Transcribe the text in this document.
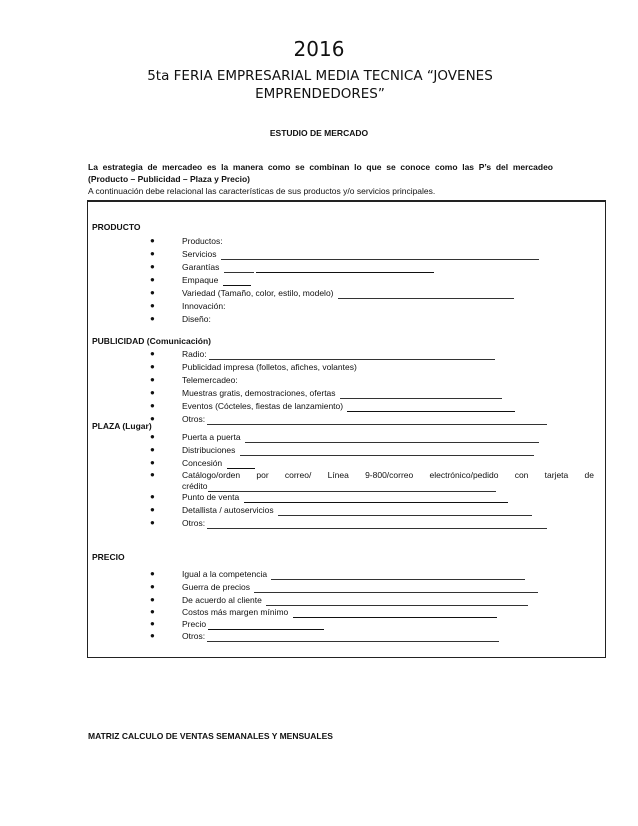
2016
5ta FERIA EMPRESARIAL MEDIA TECNICA “JOVENES EMPRENDEDORES”
ESTUDIO DE MERCADO
La estrategia de mercadeo es la manera como se combinan lo que se conoce como las P’s del mercadeo
(Producto – Publicidad – Plaza y Precio)
A continuación debe relacional las características de sus productos y/o servicios principales.
PRODUCTO
●	Productos:
●	Servicios
●	Garantías
●	Empaque
●	Variedad (Tamaño, color, estilo, modelo)
●	Innovación:
●	Diseño:
PUBLICIDAD (Comunicación)
●	Radio:
●	Publicidad impresa (folletos, afiches, volantes)
●	Telemercadeo:
●	Muestras gratis, demostraciones, ofertas
●	Eventos (Cócteles, fiestas de lanzamiento)
●	Otros:
PLAZA (Lugar)
●	Puerta a puerta
●	Distribuciones
●	Concesión
●	Catálogo/orden por correo/ Línea 9-800/correo electrónico/pedido con tarjeta de
crédito
●	Punto de venta
●	Detallista / autoservicios
●	Otros:
PRECIO
●	Igual a la competencia
●	Guerra de precios
●	De acuerdo al cliente
●	Costos más margen mínimo
●	Precio
●	Otros:
MATRIZ CALCULO DE VENTAS SEMANALES Y MENSUALES
